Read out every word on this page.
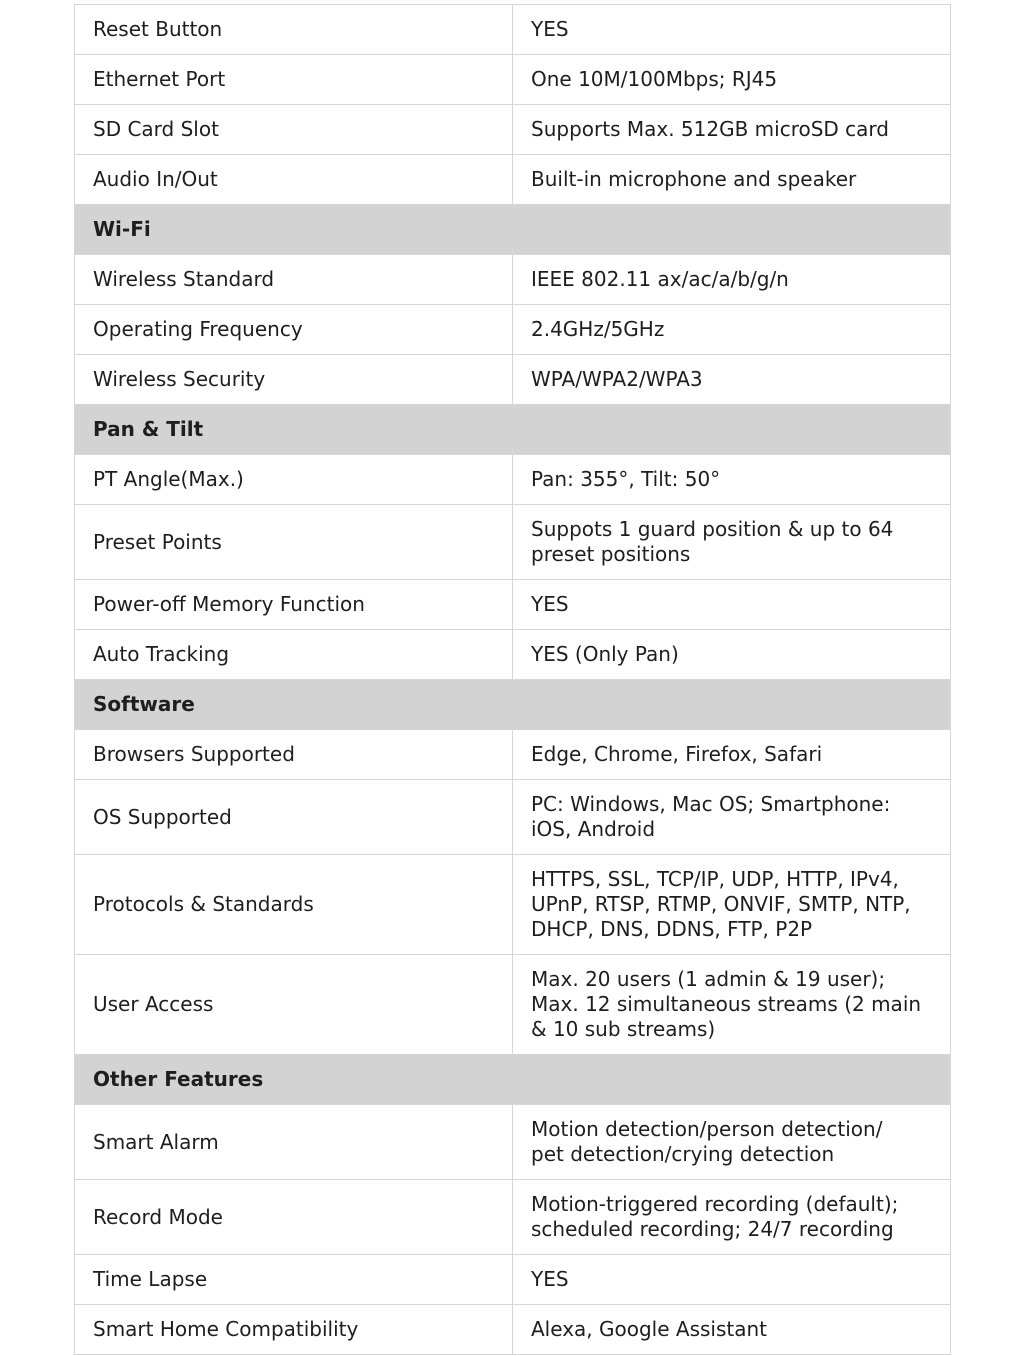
Reset Button	YES
Ethernet Port	One 10M/100Mbps; RJ45
SD Card Slot	Supports Max. 512GB microSD card
Audio In/Out	Built-in microphone and speaker
Wi-Fi	
Wireless Standard	IEEE 802.11 ax/ac/a/b/g/n
Operating Frequency	2.4GHz/5GHz
Wireless Security	WPA/WPA2/WPA3
Pan & Tilt	
PT Angle(Max.)	Pan: 355°, Tilt: 50°
Preset Points	Suppots 1 guard position & up to 64
preset positions
Power-off Memory Function	YES
Auto Tracking	YES (Only Pan)
Software	
Browsers Supported	Edge, Chrome, Firefox, Safari
OS Supported	PC: Windows, Mac OS; Smartphone:
iOS, Android
Protocols & Standards	HTTPS, SSL, TCP/IP, UDP, HTTP, IPv4,
UPnP, RTSP, RTMP, ONVIF, SMTP, NTP,
DHCP, DNS, DDNS, FTP, P2P
User Access	Max. 20 users (1 admin & 19 user);
Max. 12 simultaneous streams (2 main
& 10 sub streams)
Other Features	
Smart Alarm	Motion detection/person detection/
pet detection/crying detection
Record Mode	Motion-triggered recording (default);
scheduled recording; 24/7 recording
Time Lapse	YES
Smart Home Compatibility	Alexa, Google Assistant
